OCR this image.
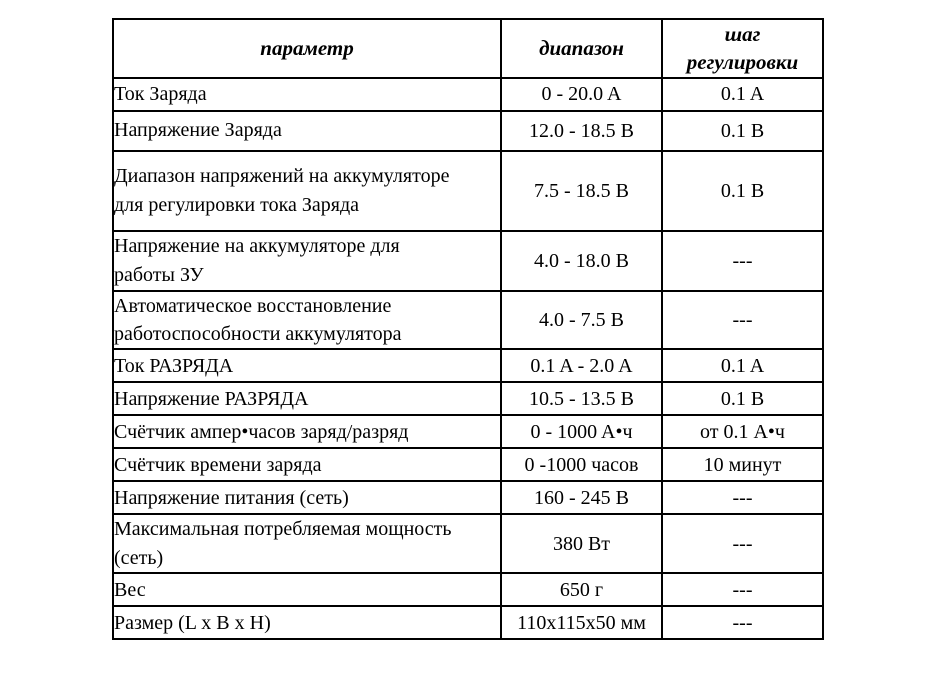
параметр	диапазон	шаг
регулировки

Ток Заряда	0 - 20.0 A	0.1 A

Напряжение Заряда	12.0 - 18.5 B	0.1 B

Диапазон напряжений на аккумуляторе
для регулировки тока Заряда	7.5 - 18.5 B	0.1 B

Напряжение на аккумуляторе для
работы ЗУ	4.0 - 18.0 B	---

Автоматическое восстановление
работоспособности аккумулятора	4.0 - 7.5 B	---

Ток РАЗРЯДА	0.1 A - 2.0 A	0.1 A

Напряжение РАЗРЯДА	10.5 - 13.5 B	0.1 B

Счётчик ампер•часов заряд/разряд	0 - 1000 A•ч	от 0.1 A•ч

Счётчик времени заряда	0 -1000 часов	10 минут

Напряжение питания (сеть)	160 - 245 B	---

Максимальная потребляемая мощность
(сеть)	380 Вт	---

Вес	650 г	---

Размер (L x B x H)	110x115x50 мм	---
